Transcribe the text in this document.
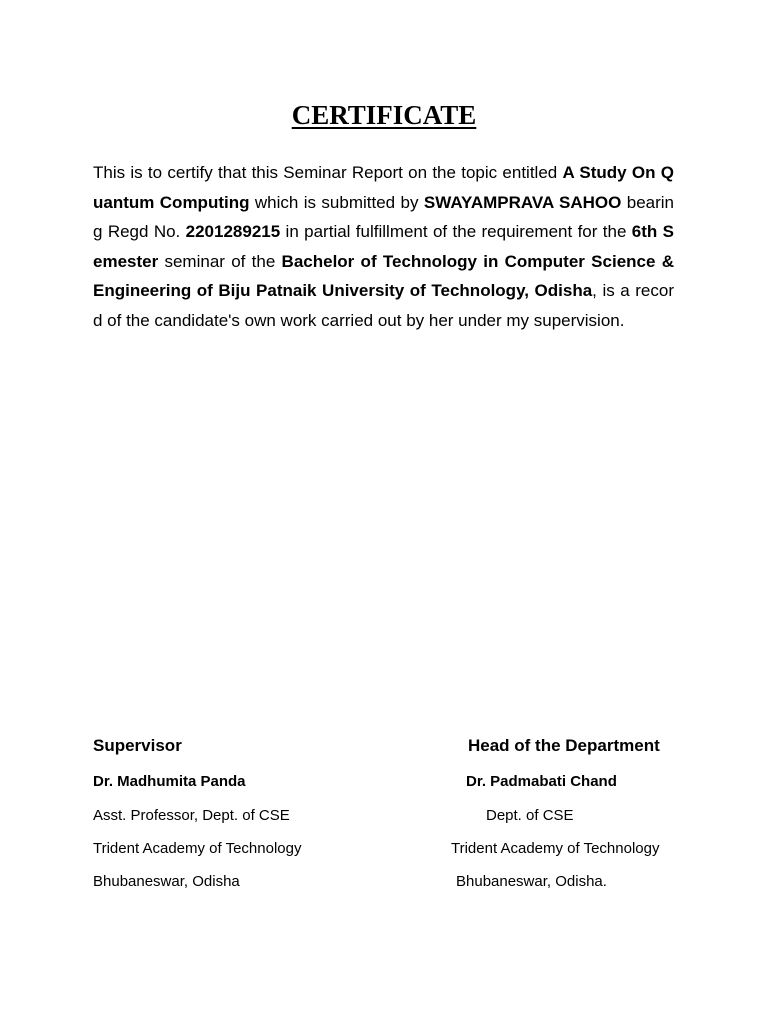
CERTIFICATE

This is to certify that this Seminar Report on the topic entitled A Study On Quantum Computing which is submitted by SWAYAMPRAVA SAHOO bearing Regd No. 2201289215 in partial fulfillment of the requirement for the 6th Semester seminar of the Bachelor of Technology in Computer Science & Engineering of Biju Patnaik University of Technology, Odisha, is a record of the candidate's own work carried out by her under my supervision.

Supervisor
Dr. Madhumita Panda
Asst. Professor, Dept. of CSE
Trident Academy of Technology
Bhubaneswar, Odisha
Head of the Department
Dr. Padmabati Chand
Dept. of CSE
Trident Academy of Technology
Bhubaneswar, Odisha.
